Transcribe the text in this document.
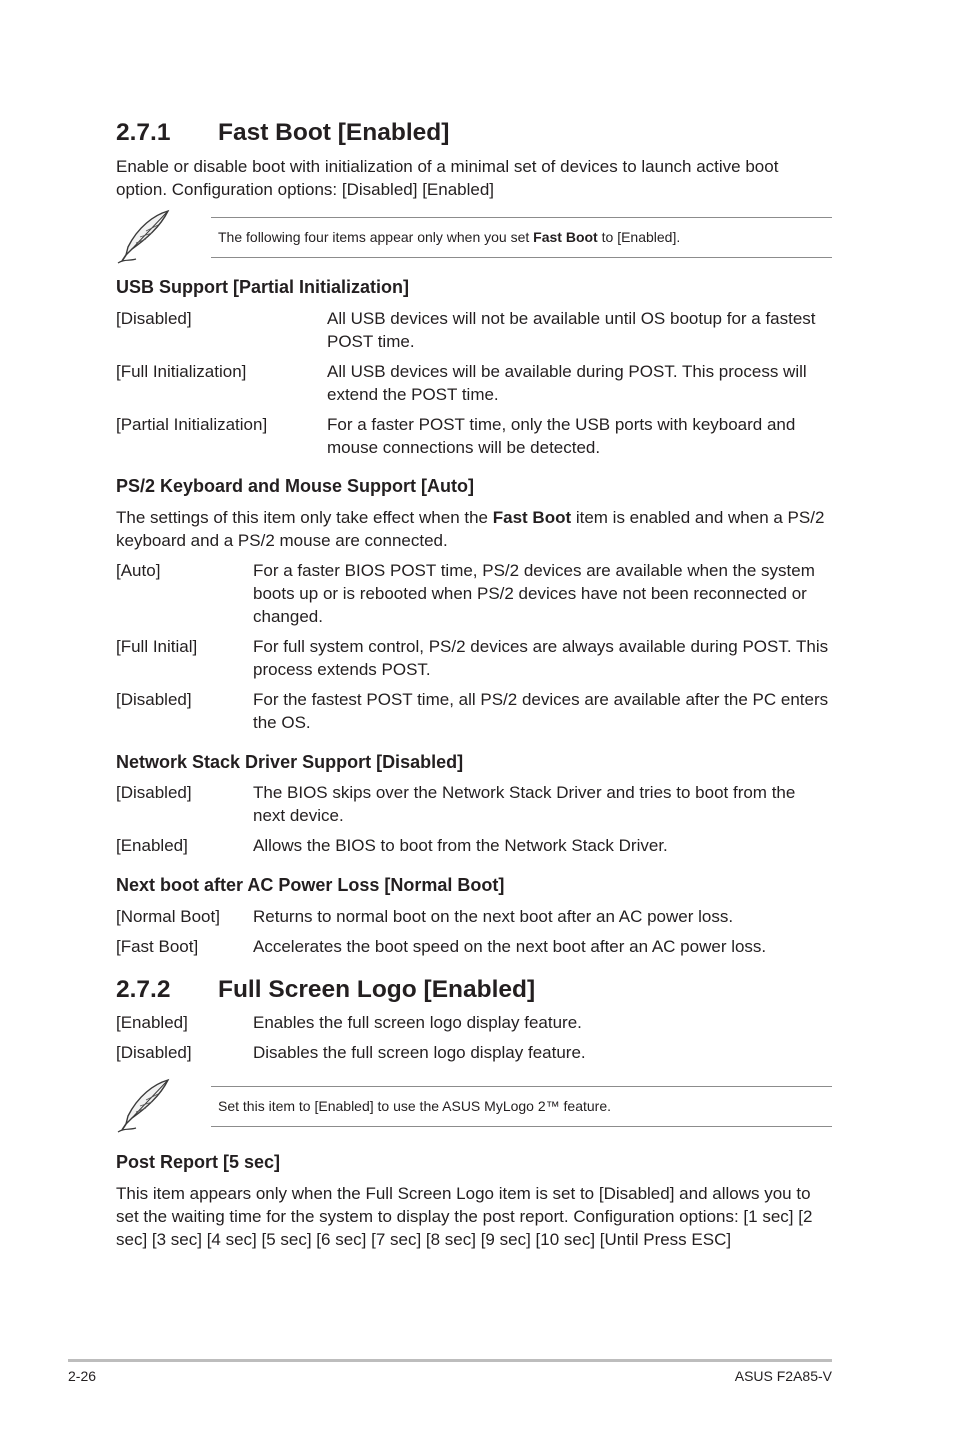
2.7.1 Fast Boot [Enabled]

Enable or disable boot with initialization of a minimal set of devices to launch active boot option. Configuration options: [Disabled] [Enabled]

The following four items appear only when you set Fast Boot to [Enabled].
USB Support [Partial Initialization]
[Disabled]	All USB devices will not be available until OS bootup for a fastest POST time.
[Full Initialization]	All USB devices will be available during POST. This process will extend the POST time.
[Partial Initialization]	For a faster POST time, only the USB ports with keyboard and mouse connections will be detected.
PS/2 Keyboard and Mouse Support [Auto]

The settings of this item only take effect when the Fast Boot item is enabled and when a PS/2 keyboard and a PS/2 mouse are connected.

[Auto]	For a faster BIOS POST time, PS/2 devices are available when the system boots up or is rebooted when PS/2 devices have not been reconnected or changed.
[Full Initial]	For full system control, PS/2 devices are always available during POST. This process extends POST.
[Disabled]	For the fastest POST time, all PS/2 devices are available after the PC enters the OS.
Network Stack Driver Support [Disabled]
[Disabled]	The BIOS skips over the Network Stack Driver and tries to boot from the next device.
[Enabled]	Allows the BIOS to boot from the Network Stack Driver.
Next boot after AC Power Loss [Normal Boot]
[Normal Boot] Returns to normal boot on the next boot after an AC power loss.
[Fast Boot]	Accelerates the boot speed on the next boot after an AC power loss.
2.7.2 Full Screen Logo [Enabled]
[Enabled]	Enables the full screen logo display feature.
[Disabled]	Disables the full screen logo display feature.
Set this item to [Enabled] to use the ASUS MyLogo 2™ feature.
Post Report [5 sec]

This item appears only when the Full Screen Logo item is set to [Disabled] and allows you to set the waiting time for the system to display the post report. Configuration options: [1 sec] [2 sec] [3 sec] [4 sec] [5 sec] [6 sec] [7 sec] [8 sec] [9 sec] [10 sec] [Until Press ESC]

2-26	ASUS F2A85-V
